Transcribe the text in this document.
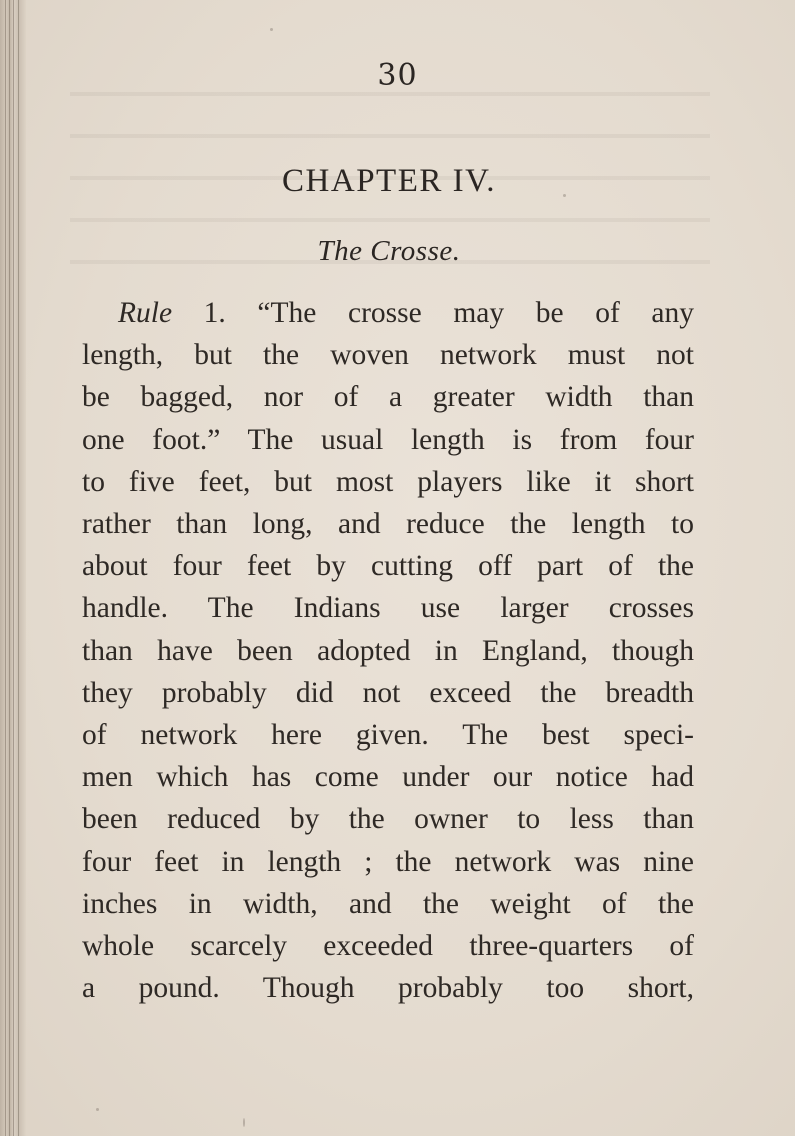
30
CHAPTER IV.
The Crosse.
Rule 1. “The crosse may be of any
length, but the woven network must not
be bagged, nor of a greater width than
one foot.” The usual length is from four
to five feet, but most players like it short
rather than long, and reduce the length to
about four feet by cutting off part of the
handle. The Indians use larger crosses
than have been adopted in England, though
they probably did not exceed the breadth
of network here given. The best speci-
men which has come under our notice had
been reduced by the owner to less than
four feet in length ; the network was nine
inches in width, and the weight of the
whole scarcely exceeded three-quarters of
a pound. Though probably too short,
